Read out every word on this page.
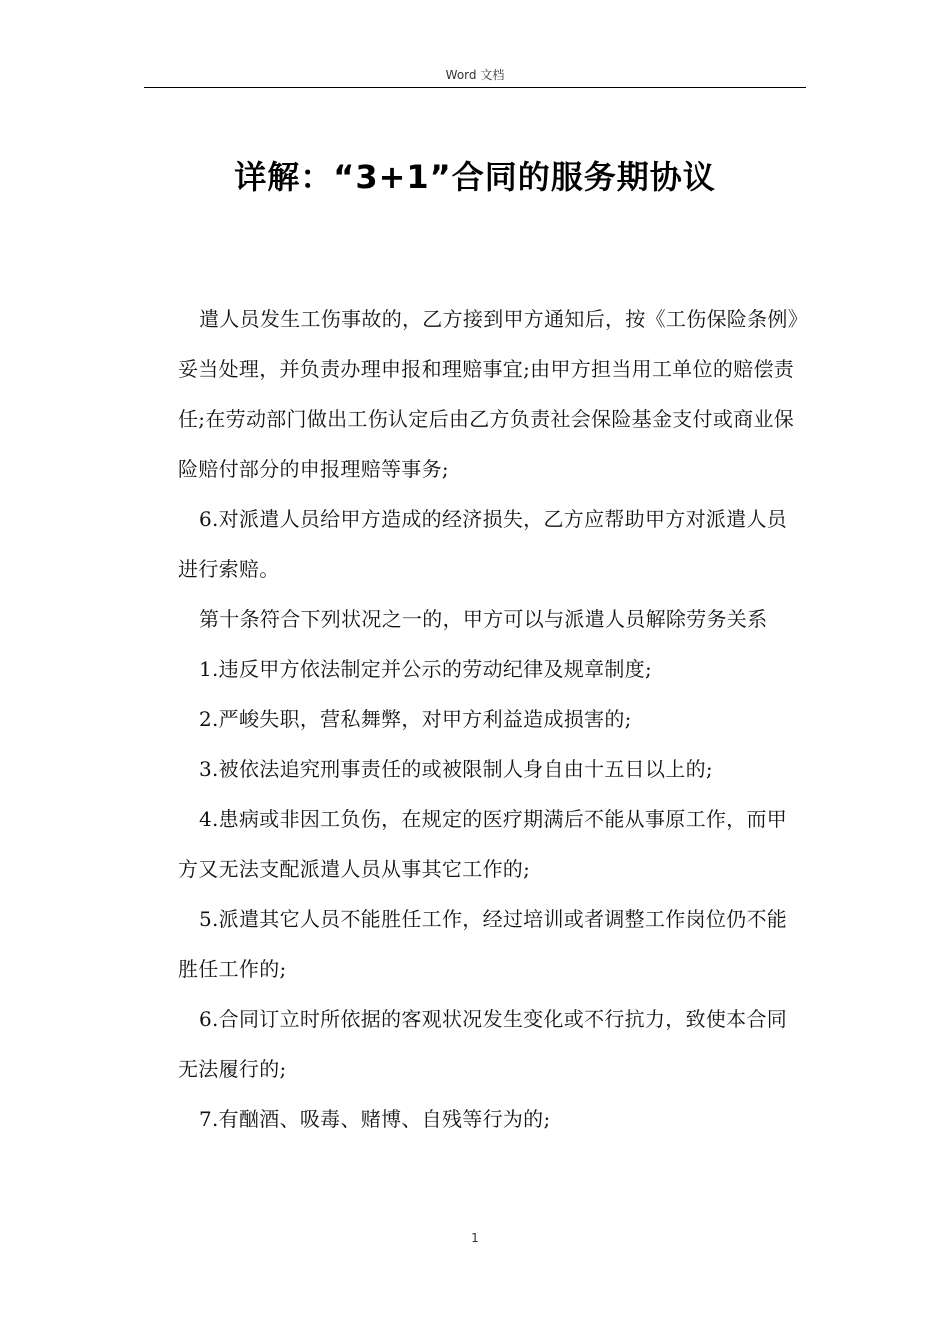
Word 文档
详解：“3+1”合同的服务期协议

遣人员发生工伤事故的，乙方接到甲方通知后，按《工伤保险条例》妥当处理，并负责办理申报和理赔事宜;由甲方担当用工单位的赔偿责任;在劳动部门做出工伤认定后由乙方负责社会保险基金支付或商业保险赔付部分的申报理赔等事务;

6.对派遣人员给甲方造成的经济损失，乙方应帮助甲方对派遣人员进行索赔。

第十条符合下列状况之一的，甲方可以与派遣人员解除劳务关系

1.违反甲方依法制定并公示的劳动纪律及规章制度;

2.严峻失职，营私舞弊，对甲方利益造成损害的;

3.被依法追究刑事责任的或被限制人身自由十五日以上的;

4.患病或非因工负伤，在规定的医疗期满后不能从事原工作，而甲方又无法支配派遣人员从事其它工作的;

5.派遣其它人员不能胜任工作，经过培训或者调整工作岗位仍不能胜任工作的;

6.合同订立时所依据的客观状况发生变化或不行抗力，致使本合同无法履行的;

7.有酗酒、吸毒、赌博、自残等行为的;

1
